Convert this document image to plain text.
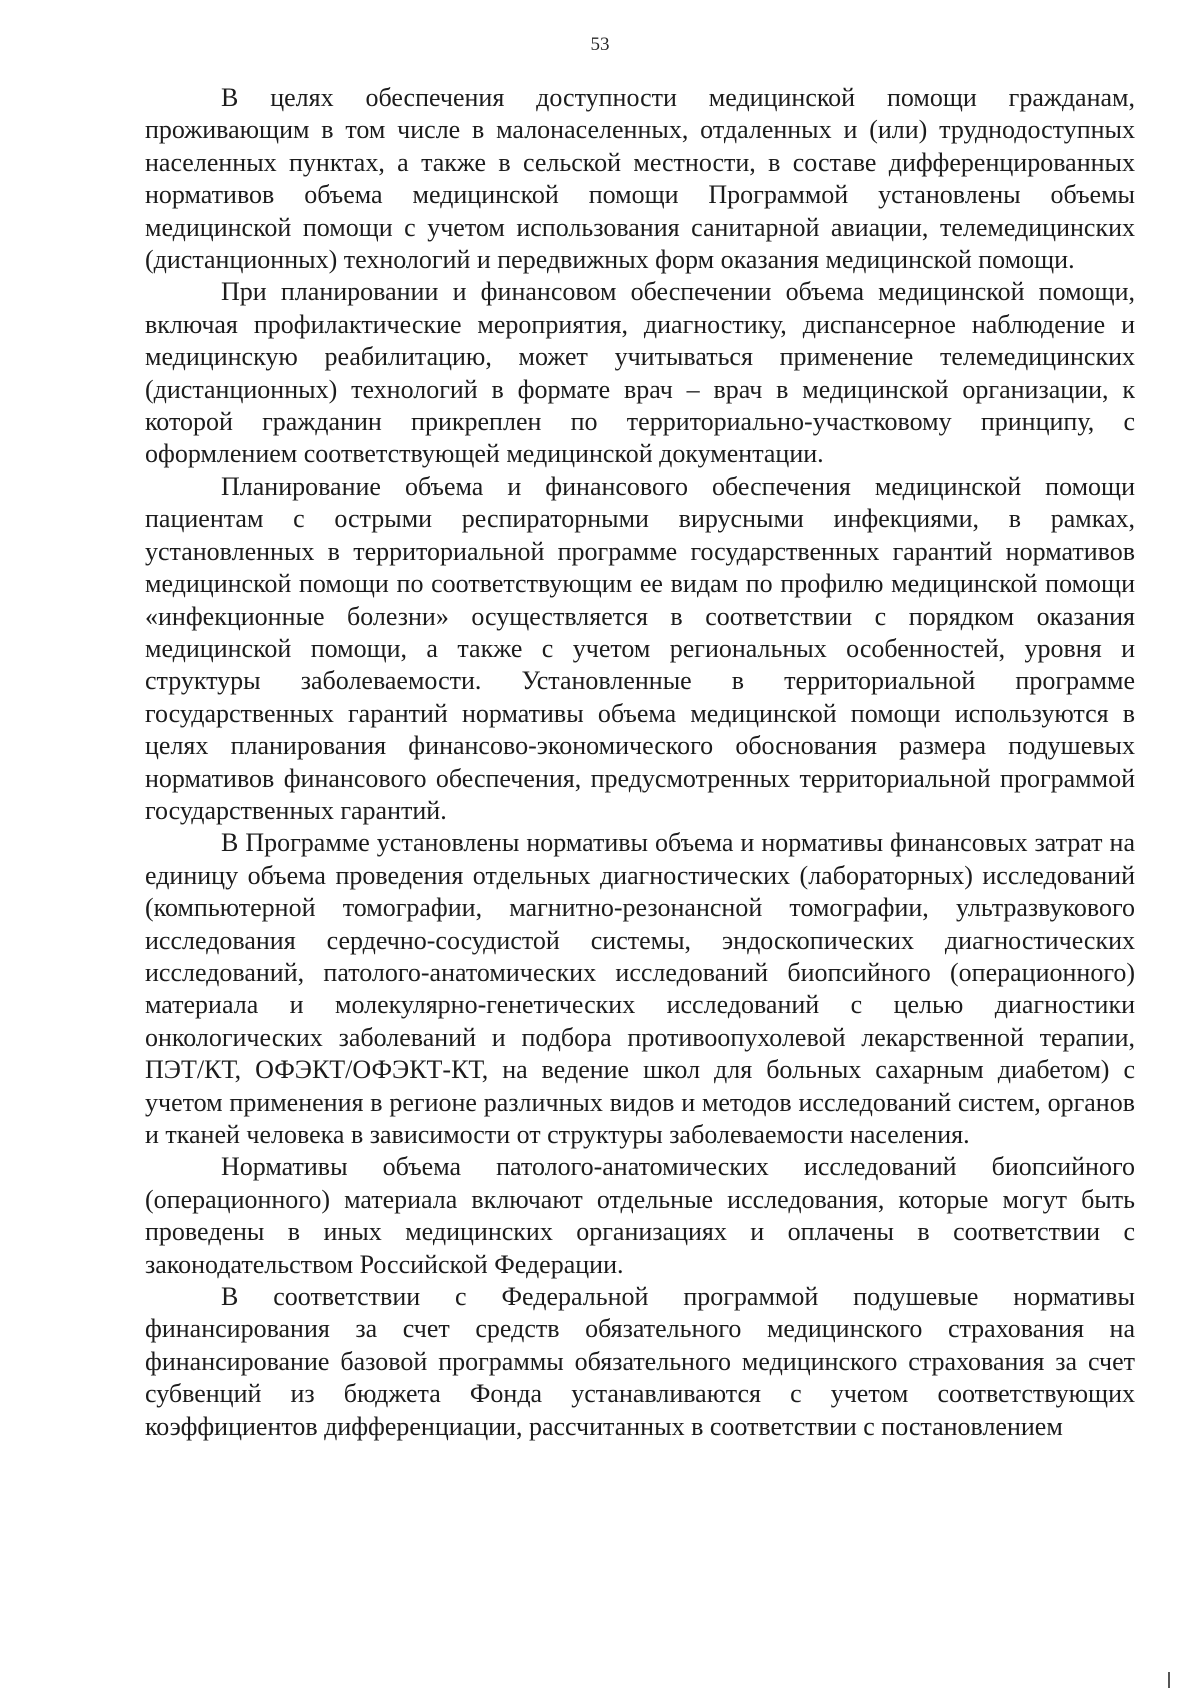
53

В целях обеспечения доступности медицинской помощи гражданам, проживающим в том числе в малонаселенных, отдаленных и (или) труднодоступных населенных пунктах, а также в сельской местности, в составе дифференцированных нормативов объема медицинской помощи Программой установлены объемы медицинской помощи с учетом использования санитарной авиации, телемедицинских (дистанционных) технологий и передвижных форм оказания медицинской помощи.

При планировании и финансовом обеспечении объема медицинской помощи, включая профилактические мероприятия, диагностику, диспансерное наблюдение и медицинскую реабилитацию, может учитываться применение телемедицинских (дистанционных) технологий в формате врач – врач в медицинской организации, к которой гражданин прикреплен по территориально-участковому принципу, с оформлением соответствующей медицинской документации.

Планирование объема и финансового обеспечения медицинской помощи пациентам с острыми респираторными вирусными инфекциями, в рамках, установленных в территориальной программе государственных гарантий нормативов медицинской помощи по соответствующим ее видам по профилю медицинской помощи «инфекционные болезни» осуществляется в соответствии с порядком оказания медицинской помощи, а также с учетом региональных особенностей, уровня и структуры заболеваемости. Установленные в территориальной программе государственных гарантий нормативы объема медицинской помощи используются в целях планирования финансово-экономического обоснования размера подушевых нормативов финансового обеспечения, предусмотренных территориальной программой государственных гарантий.

В Программе установлены нормативы объема и нормативы финансовых затрат на единицу объема проведения отдельных диагностических (лабораторных) исследований (компьютерной томографии, магнитно-резонансной томографии, ультразвукового исследования сердечно-сосудистой системы, эндоскопических диагностических исследований, патолого-анатомических исследований биопсийного (операционного) материала и молекулярно-генетических исследований с целью диагностики онкологических заболеваний и подбора противоопухолевой лекарственной терапии, ПЭТ/КТ, ОФЭКТ/ОФЭКТ-КТ, на ведение школ для больных сахарным диабетом) с учетом применения в регионе различных видов и методов исследований систем, органов и тканей человека в зависимости от структуры заболеваемости населения.

Нормативы объема патолого-анатомических исследований биопсийного (операционного) материала включают отдельные исследования, которые могут быть проведены в иных медицинских организациях и оплачены в соответствии с законодательством Российской Федерации.

В соответствии с Федеральной программой подушевые нормативы финансирования за счет средств обязательного медицинского страхования на финансирование базовой программы обязательного медицинского страхования за счет субвенций из бюджета Фонда устанавливаются с учетом соответствующих коэффициентов дифференциации, рассчитанных в соответствии с постановлением
